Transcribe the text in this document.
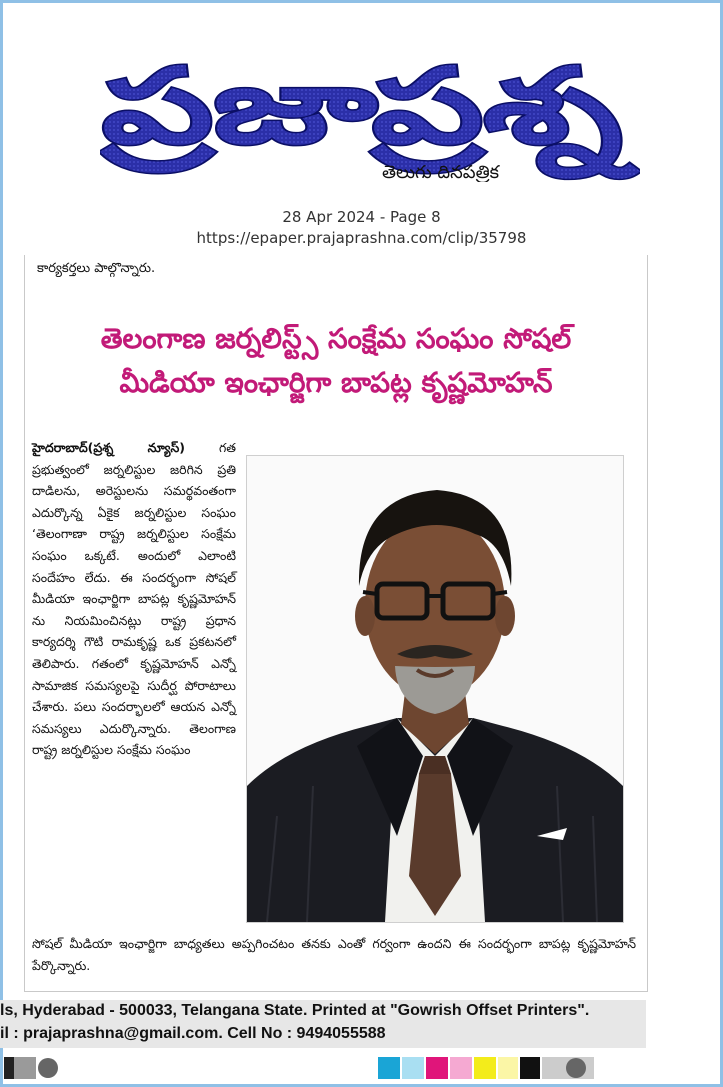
ప్రజాప్రశ్న
తెలుగు దినపత్రిక
28 Apr 2024 - Page 8
https://epaper.prajaprashna.com/clip/35798
కార్యకర్తలు పాల్గొన్నారు.
తెలంగాణ జర్నలిస్ట్స్ సంక్షేమ సంఘం సోషల్
మీడియా ఇంఛార్జిగా బాపట్ల కృష్ణమోహన్
హైదరాబాద్(ప్రశ్న న్యూస్)	గత ప్రభుత్వంలో జర్నలిస్టుల జరిగిన ప్రతి దాడిలను, అరెస్టులను సమర్థవంతంగా ఎదుర్కొన్న ఏకైక జర్నలిస్టుల సంఘం ‘తెలంగాణా రాష్ట్ర జర్నలిస్టుల సంక్షేమ సంఘం ఒక్కటే. అందులో ఎలాంటి సందేహం లేదు. ఈ సందర్భంగా సోషల్ మీడియా ఇంఛార్జిగా బాపట్ల కృష్ణమోహన్ ను నియమించినట్లు రాష్ట్ర ప్రధాన కార్యదర్శి గౌటి రామకృష్ణ ఒక ప్రకటనలో తెలిపారు. గతంలో కృష్ణమోహన్ ఎన్నో సామాజిక సమస్యలపై సుదీర్ఘ పోరాటాలు చేశారు. పలు సందర్భాలలో ఆయన ఎన్నో సమస్యలు ఎదుర్కొన్నారు. తెలంగాణ రాష్ట్ర జర్నలిస్టుల సంక్షేమ సంఘం
సోషల్ మీడియా ఇంఛార్జిగా బాధ్యతలు అప్పగించటం తనకు ఎంతో గర్వంగా ఉందని ఈ సందర్భంగా బాపట్ల కృష్ణమోహన్ పేర్కొన్నారు.
ls, Hyderabad - 500033, Telangana State. Printed at "Gowrish Offset Printers".
il : prajaprashna@gmail.com. Cell No : 9494055588
